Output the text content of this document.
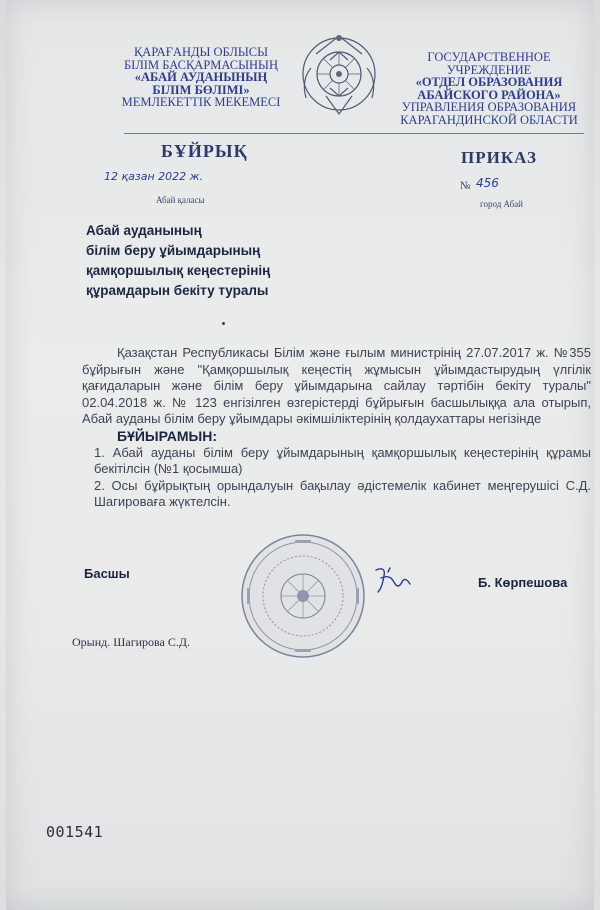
ҚАРАҒАНДЫ ОБЛЫСЫ
БІЛІМ БАСҚАРМАСЫНЫҢ
«АБАЙ АУДАНЫНЫҢ
БІЛІМ БӨЛІМІ»
МЕМЛЕКЕТТІК МЕКЕМЕСІ
ГОСУДАРСТВЕННОЕ УЧРЕЖДЕНИЕ
«ОТДЕЛ ОБРАЗОВАНИЯ
АБАЙСКОГО РАЙОНА»
УПРАВЛЕНИЯ ОБРАЗОВАНИЯ
КАРАГАНДИНСКОЙ ОБЛАСТИ
БҰЙРЫҚ	ПРИКАЗ
12 қазан 2022 ж.
№ 456
Абай қаласы	город Абай
Абай ауданының
білім беру ұйымдарының
қамқоршылық кеңестерінің
құрамдарын бекіту туралы

Қазақстан Республикасы Білім және ғылым министрінің 27.07.2017 ж. №355 бұйрығын және "Қамқоршылық кеңестің жұмысын ұйымдастырудың үлгілік қағидаларын және білім беру ұйымдарына сайлау тәртібін бекіту туралы" 02.04.2018 ж. № 123 енгізілген өзгерістерді бұйрығын басшылыққа ала отырып, Абай ауданы білім беру ұйымдары әкімшіліктерінің қолдаухаттары негізінде

БҰЙЫРАМЫН:

1. Абай ауданы білім беру ұйымдарының қамқоршылық кеңестерінің құрамы бекітілсін (№1 қосымша)

2. Осы бұйрықтың орындалуын бақылау әдістемелік кабинет меңгерушісі С.Д. Шагироваға жүктелсін.

Басшы
Б. Көрпешова
Орынд. Шагирова С.Д.
001541
